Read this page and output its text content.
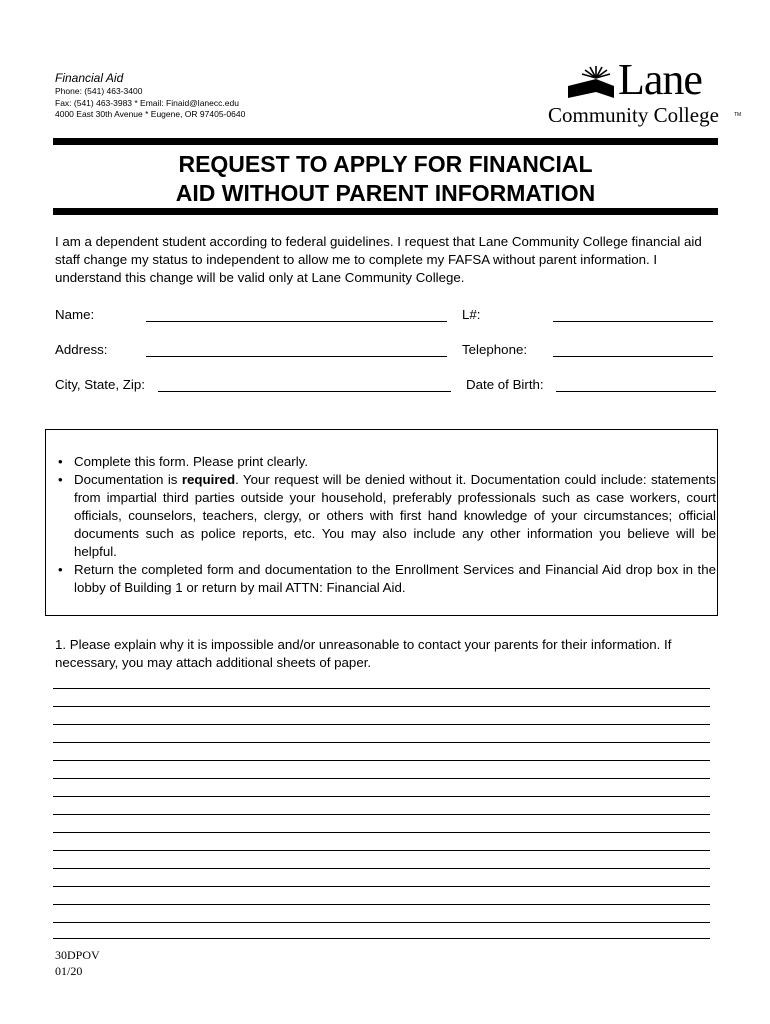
Financial Aid
Phone: (541) 463-3400
Fax: (541) 463-3983 * Email: Finaid@lanecc.edu
4000 East 30th Avenue * Eugene, OR 97405-0640
Lane
Community College	TM
REQUEST TO APPLY FOR FINANCIAL
AID WITHOUT PARENT INFORMATION
I am a dependent student according to federal guidelines. I request that Lane Community College financial aid staff change my status to independent to allow me to complete my FAFSA without parent information. I understand this change will be valid only at Lane Community College.
Name:	L#:
Address:	Telephone:
City, State, Zip:	Date of Birth:
• Complete this form. Please print clearly.
• Documentation is required. Your request will be denied without it. Documentation could include: statements from impartial third parties outside your household, preferably professionals such as case workers, court officials, counselors, teachers, clergy, or others with first hand knowledge of your circumstances; official documents such as police reports, etc. You may also include any other information you believe will be helpful.
• Return the completed form and documentation to the Enrollment Services and Financial Aid drop box in the lobby of Building 1 or return by mail ATTN: Financial Aid.
1. Please explain why it is impossible and/or unreasonable to contact your parents for their information. If necessary, you may attach additional sheets of paper.
30DPOV
01/20
